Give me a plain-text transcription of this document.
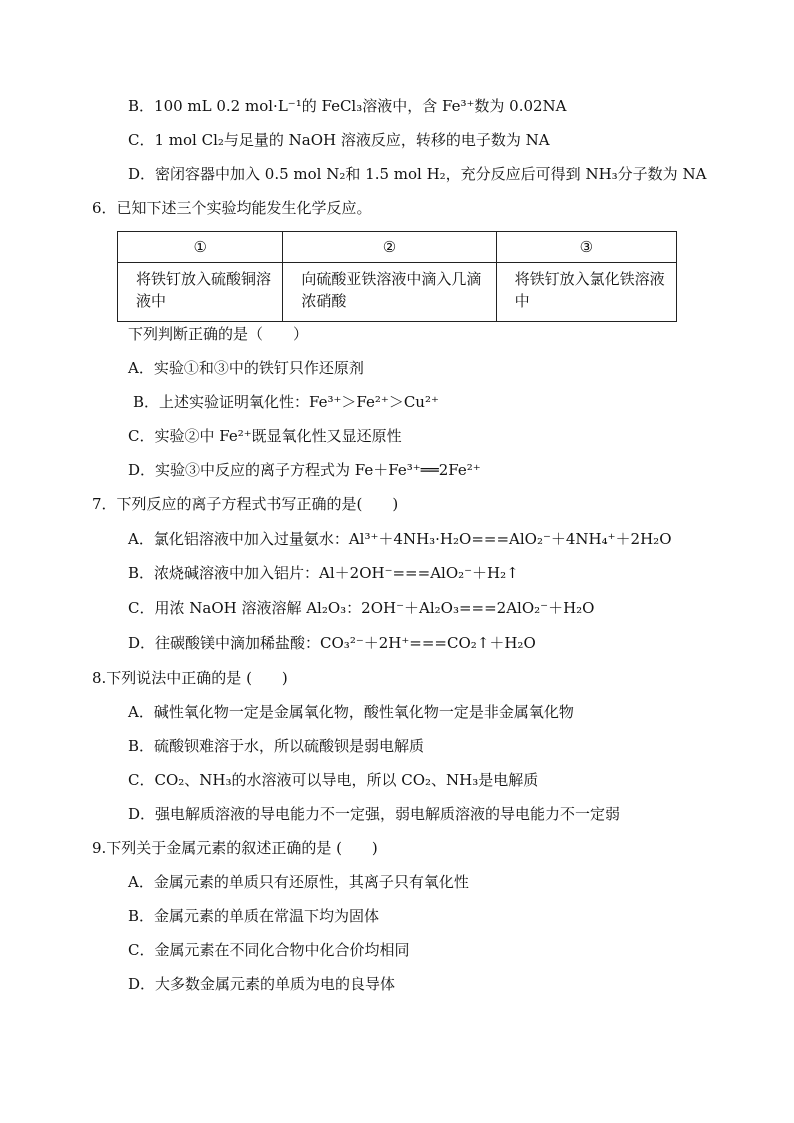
B．100 mL 0.2 mol·L⁻¹的 FeCl₃溶液中，含 Fe³⁺数为 0.02NA
C．1 mol Cl₂与足量的 NaOH 溶液反应，转移的电子数为 NA
D．密闭容器中加入 0.5 mol N₂和 1.5 mol H₂，充分反应后可得到 NH₃分子数为 NA
6．已知下述三个实验均能发生化学反应。
①	②	③

将铁钉放入硫酸铜溶液中	向硫酸亚铁溶液中滴入几滴浓硝酸	将铁钉放入氯化铁溶液中
下列判断正确的是（　　）
A．实验①和③中的铁钉只作还原剂
B．上述实验证明氧化性：Fe³⁺＞Fe²⁺＞Cu²⁺
C．实验②中 Fe²⁺既显氧化性又显还原性
D．实验③中反应的离子方程式为 Fe＋Fe³⁺══2Fe²⁺
7．下列反应的离子方程式书写正确的是(　　)
A．氯化铝溶液中加入过量氨水：Al³⁺＋4NH₃·H₂O===AlO₂⁻＋4NH₄⁺＋2H₂O
B．浓烧碱溶液中加入铝片：Al＋2OH⁻===AlO₂⁻＋H₂↑
C．用浓 NaOH 溶液溶解 Al₂O₃：2OH⁻＋Al₂O₃===2AlO₂⁻＋H₂O
D．往碳酸镁中滴加稀盐酸：CO₃²⁻＋2H⁺===CO₂↑＋H₂O
8.下列说法中正确的是 (　　)
A．碱性氧化物一定是金属氧化物，酸性氧化物一定是非金属氧化物
B．硫酸钡难溶于水，所以硫酸钡是弱电解质
C．CO₂、NH₃的水溶液可以导电，所以 CO₂、NH₃是电解质
D．强电解质溶液的导电能力不一定强，弱电解质溶液的导电能力不一定弱
9.下列关于金属元素的叙述正确的是 (　　)
A．金属元素的单质只有还原性，其离子只有氧化性
B．金属元素的单质在常温下均为固体
C．金属元素在不同化合物中化合价均相同
D．大多数金属元素的单质为电的良导体
